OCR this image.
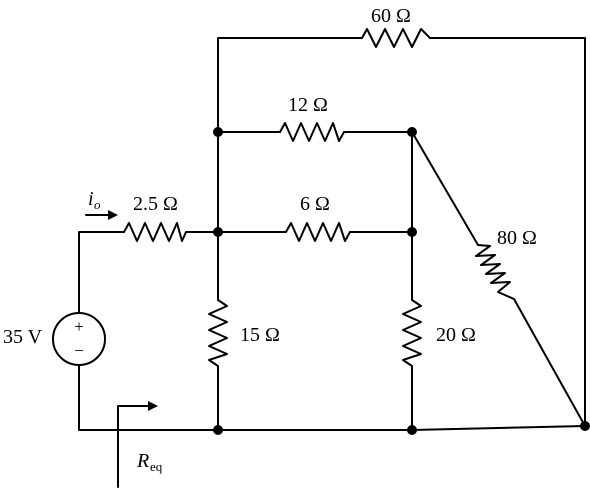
+
−
60 Ω
12 Ω
6 Ω
2.5 Ω
80 Ω
15 Ω	20 Ω
35 V
i o
R eq
